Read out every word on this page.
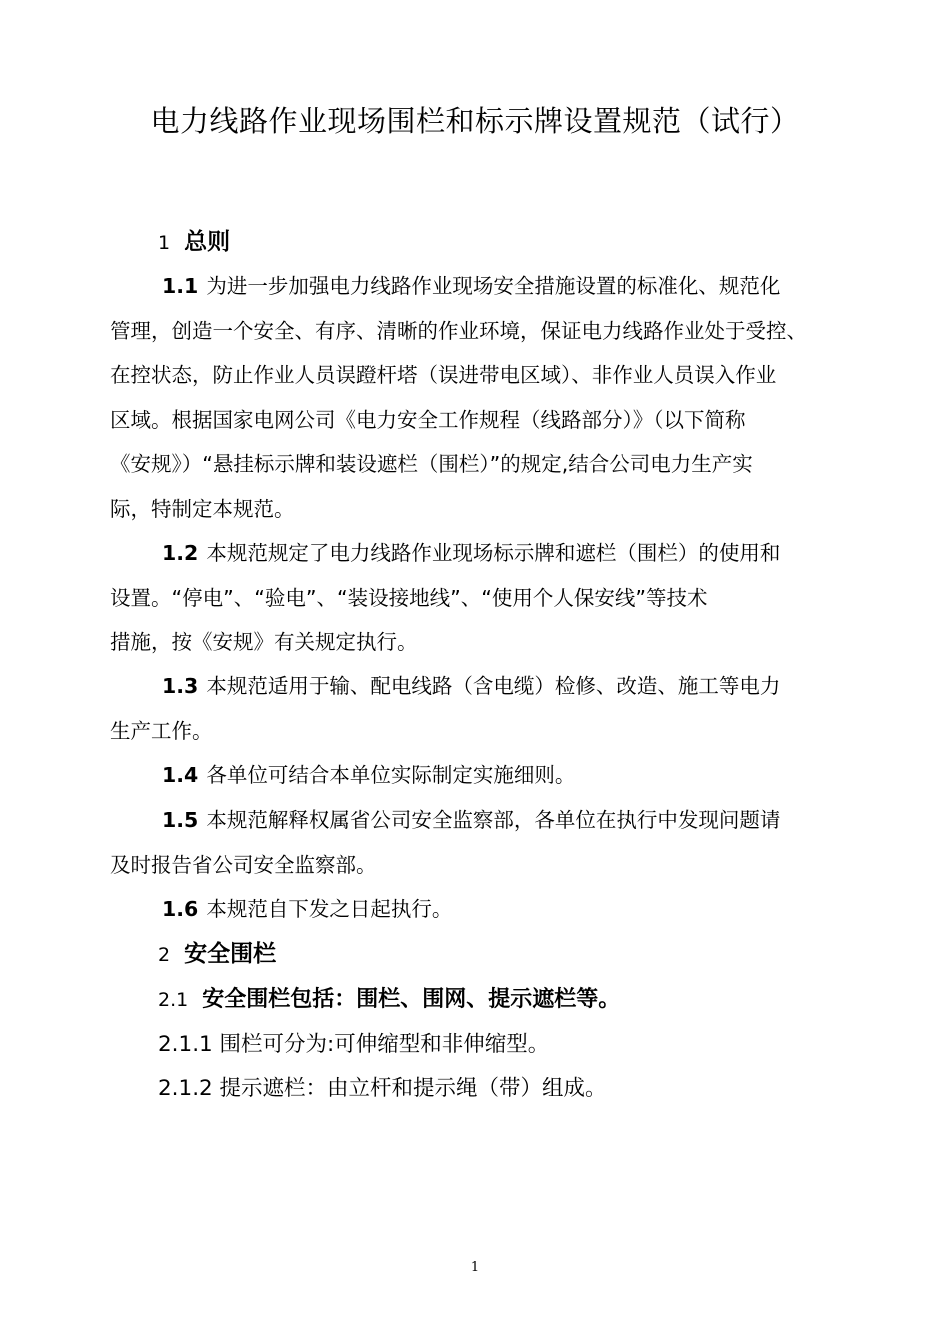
电力线路作业现场围栏和标示牌设置规范（试行）
1 总则
1.1 为进一步加强电力线路作业现场安全措施设置的标准化、规范化
管理，创造一个安全、有序、清晰的作业环境，保证电力线路作业处于受控、
在控状态，防止作业人员误蹬杆塔（误进带电区域）、非作业人员误入作业
区域。根据国家电网公司《电力安全工作规程（线路部分）》（以下简称
《安规》）“悬挂标示牌和装设遮栏（围栏）”的规定,结合公司电力生产实
际，特制定本规范。
1.2 本规范规定了电力线路作业现场标示牌和遮栏（围栏）的使用和
设置。“停电”、“验电”、“装设接地线”、“使用个人保安线”等技术
措施，按《安规》有关规定执行。
1.3 本规范适用于输、配电线路（含电缆）检修、改造、施工等电力
生产工作。
1.4 各单位可结合本单位实际制定实施细则。
1.5 本规范解释权属省公司安全监察部，各单位在执行中发现问题请
及时报告省公司安全监察部。
1.6 本规范自下发之日起执行。
2 安全围栏
2.1 安全围栏包括：围栏、围网、提示遮栏等。
2.1.1 围栏可分为:可伸缩型和非伸缩型。
2.1.2 提示遮栏：由立杆和提示绳（带）组成。
1
